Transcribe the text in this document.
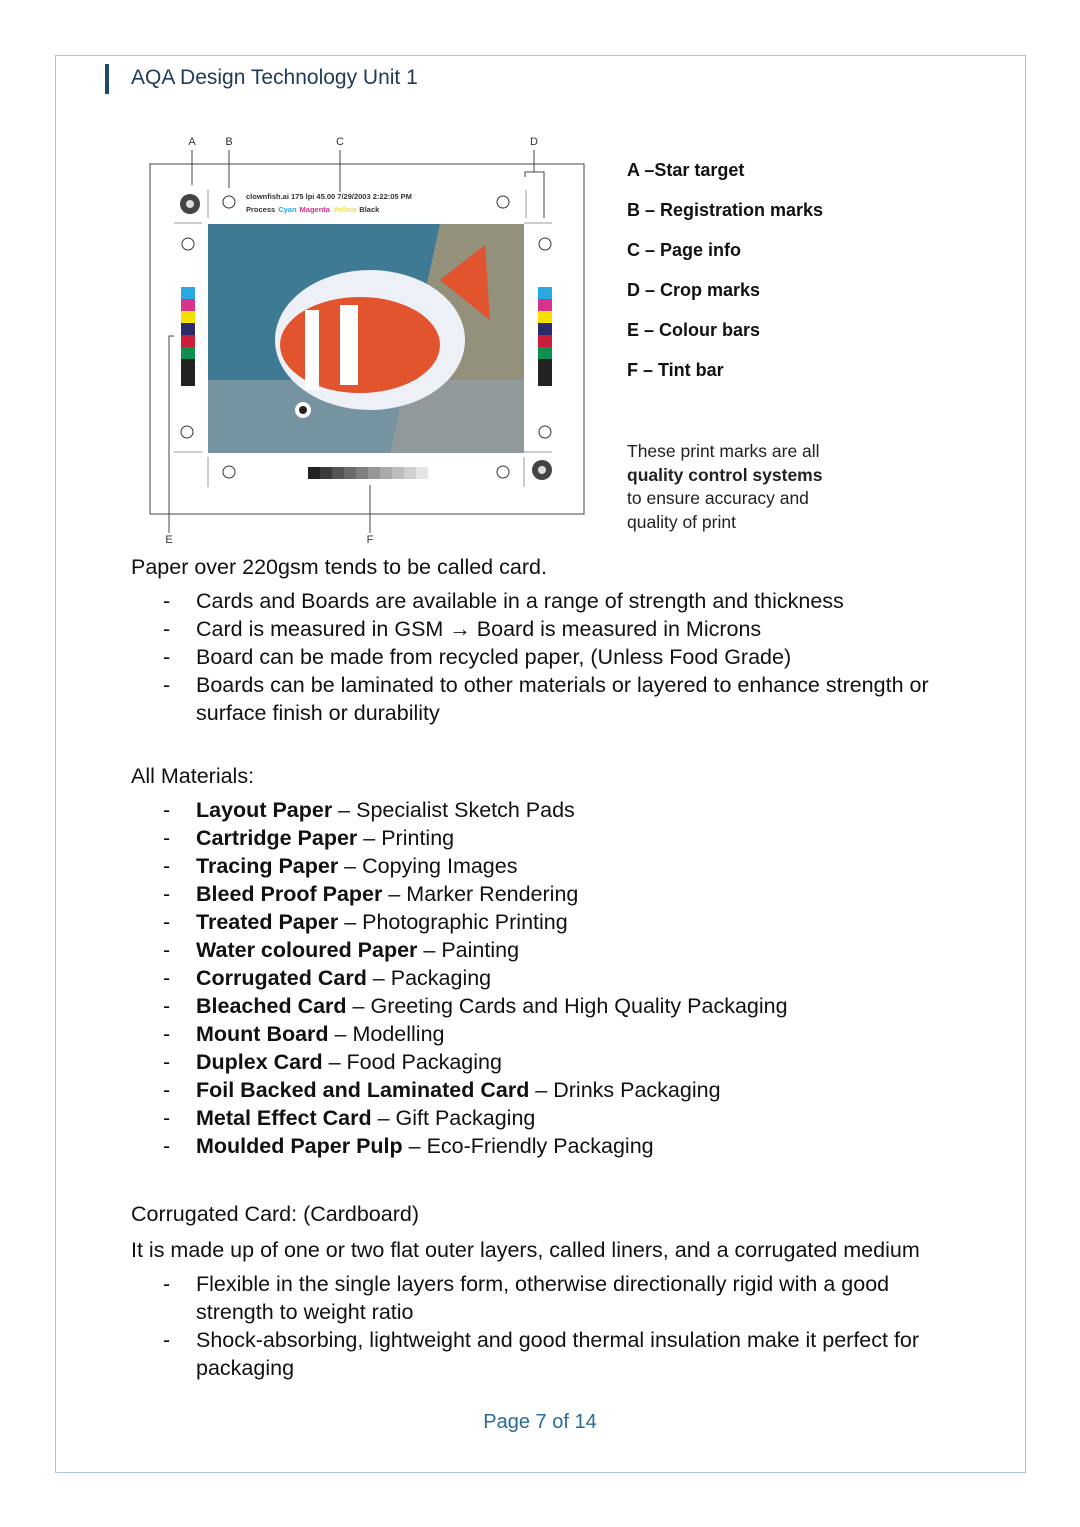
AQA Design Technology Unit 1
A	B	C	D
E	F
clownfish.ai 175 lpi 45.00 7/29/2003 2:22:05 PM
Process Cyan Magenta Yellow Black
A –Star target
B – Registration marks
C – Page info
D – Crop marks
E – Colour bars
F – Tint bar
These print marks are all
quality control systems
to ensure accuracy and
quality of print
Paper over 220gsm tends to be called card.
- Cards and Boards are available in a range of strength and thickness
- Card is measured in GSM → Board is measured in Microns
- Board can be made from recycled paper, (Unless Food Grade)
- Boards can be laminated to other materials or layered to enhance strength or surface finish or durability
All Materials:
- Layout Paper – Specialist Sketch Pads
- Cartridge Paper – Printing
- Tracing Paper – Copying Images
- Bleed Proof Paper – Marker Rendering
- Treated Paper – Photographic Printing
- Water coloured Paper – Painting
- Corrugated Card – Packaging
- Bleached Card – Greeting Cards and High Quality Packaging
- Mount Board – Modelling
- Duplex Card – Food Packaging
- Foil Backed and Laminated Card – Drinks Packaging
- Metal Effect Card – Gift Packaging
- Moulded Paper Pulp – Eco-Friendly Packaging
Corrugated Card: (Cardboard)
It is made up of one or two flat outer layers, called liners, and a corrugated medium
- Flexible in the single layers form, otherwise directionally rigid with a good strength to weight ratio
- Shock-absorbing, lightweight and good thermal insulation make it perfect for packaging
Page 7 of 14
